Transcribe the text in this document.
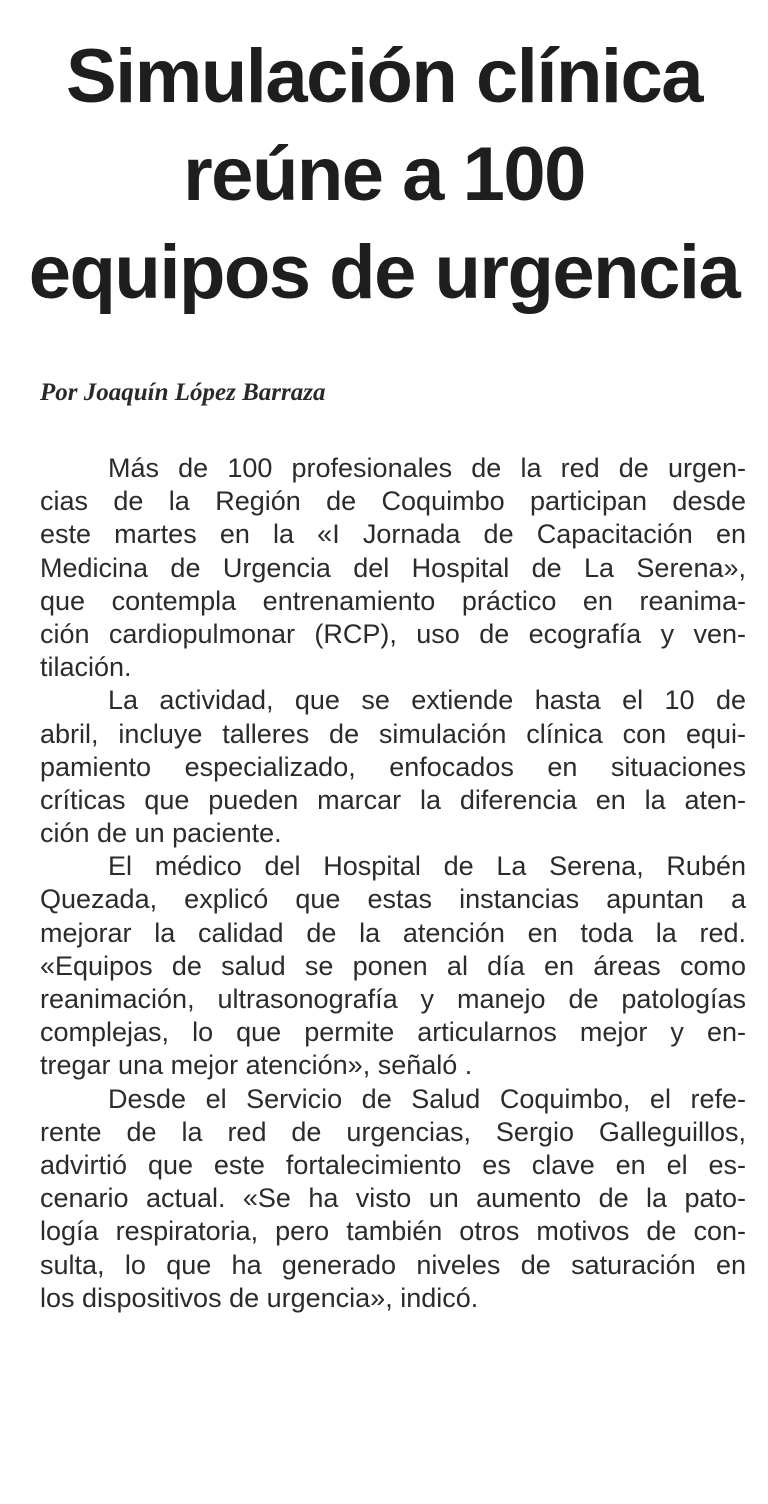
Simulación clínica
reúne a 100
equipos de urgencia

Por Joaquín López Barraza

Más de 100 profesionales de la red de urgen-
cias de la Región de Coquimbo participan desde
este martes en la «I Jornada de Capacitación en
Medicina de Urgencia del Hospital de La Serena»,
que contempla entrenamiento práctico en reanima-
ción cardiopulmonar (RCP), uso de ecografía y ven-
tilación.

La actividad, que se extiende hasta el 10 de
abril, incluye talleres de simulación clínica con equi-
pamiento especializado, enfocados en situaciones
críticas que pueden marcar la diferencia en la aten-
ción de un paciente.

El médico del Hospital de La Serena, Rubén
Quezada, explicó que estas instancias apuntan a
mejorar la calidad de la atención en toda la red.
«Equipos de salud se ponen al día en áreas como
reanimación, ultrasonografía y manejo de patologías
complejas, lo que permite articularnos mejor y en-
tregar una mejor atención», señaló .

Desde el Servicio de Salud Coquimbo, el refe-
rente de la red de urgencias, Sergio Galleguillos,
advirtió que este fortalecimiento es clave en el es-
cenario actual. «Se ha visto un aumento de la pato-
logía respiratoria, pero también otros motivos de con-
sulta, lo que ha generado niveles de saturación en
los dispositivos de urgencia», indicó.
